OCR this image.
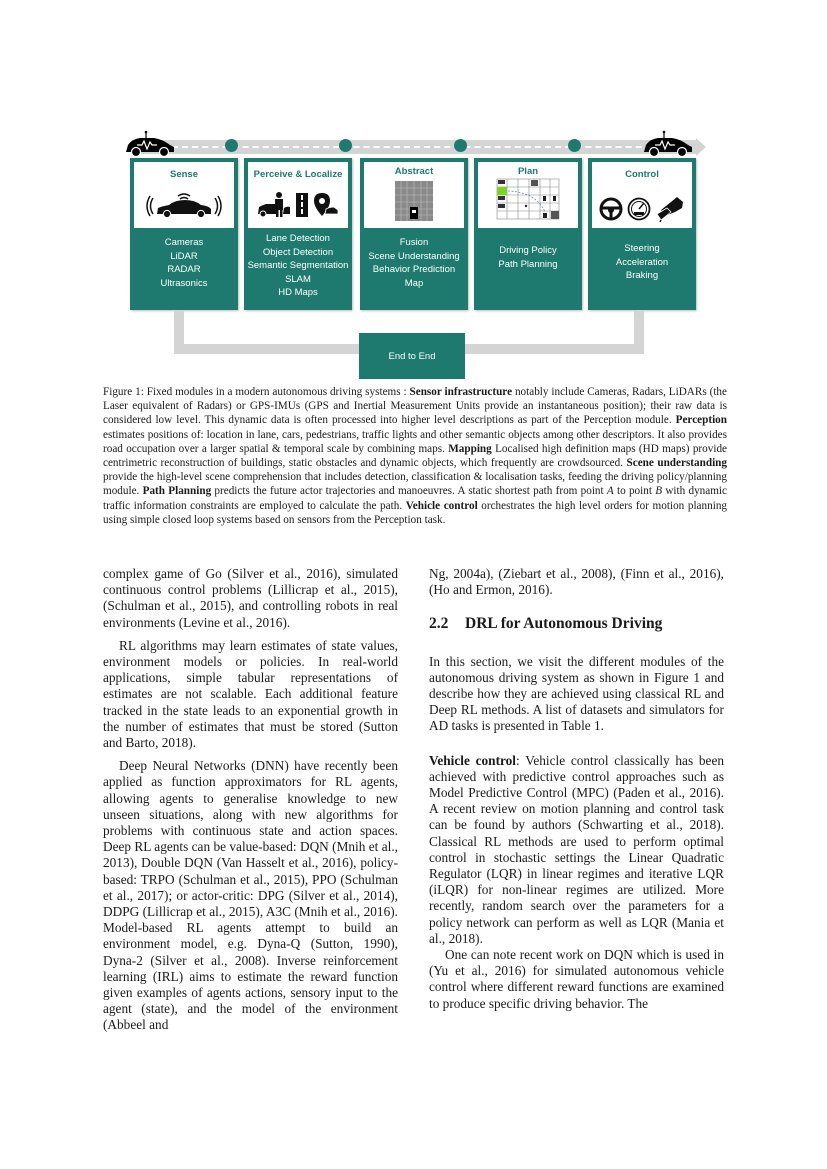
Sense
Cameras
LiDAR
RADAR
Ultrasonics
Perceive & Localize
Lane Detection
Object Detection
Semantic Segmentation
SLAM
HD Maps
Abstract
Fusion
Scene Understanding
Behavior Prediction
Map
Plan
Driving Policy
Path Planning
Control
Steering
Acceleration
Braking
End to End
Figure 1: Fixed modules in a modern autonomous driving systems : Sensor infrastructure notably include Cameras, Radars, LiDARs (the Laser equivalent of Radars) or GPS-IMUs (GPS and Inertial Measurement Units provide an instantaneous position); their raw data is considered low level. This dynamic data is often processed into higher level descriptions as part of the Perception module. Perception estimates positions of: location in lane, cars, pedestrians, traffic lights and other semantic objects among other descriptors. It also provides road occupation over a larger spatial & temporal scale by combining maps. Mapping Localised high definition maps (HD maps) provide centrimetric reconstruction of buildings, static obstacles and dynamic objects, which frequently are crowdsourced. Scene understanding provide the high-level scene comprehension that includes detection, classification & localisation tasks, feeding the driving policy/planning module. Path Planning predicts the future actor trajectories and manoeuvres. A static shortest path from point A to point B with dynamic traffic information constraints are employed to calculate the path. Vehicle control orchestrates the high level orders for motion planning using simple closed loop systems based on sensors from the Perception task.

complex game of Go (Silver et al., 2016), simulated continuous control problems (Lillicrap et al., 2015), (Schulman et al., 2015), and controlling robots in real environments (Levine et al., 2016).

RL algorithms may learn estimates of state values, environment models or policies. In real-world applications, simple tabular representations of estimates are not scalable. Each additional feature tracked in the state leads to an exponential growth in the number of estimates that must be stored (Sutton and Barto, 2018).

Deep Neural Networks (DNN) have recently been applied as function approximators for RL agents, allowing agents to generalise knowledge to new unseen situations, along with new algorithms for problems with continuous state and action spaces. Deep RL agents can be value-based: DQN (Mnih et al., 2013), Double DQN (Van Hasselt et al., 2016), policy-based: TRPO (Schulman et al., 2015), PPO (Schulman et al., 2017); or actor-critic: DPG (Silver et al., 2014), DDPG (Lillicrap et al., 2015), A3C (Mnih et al., 2016). Model-based RL agents attempt to build an environment model, e.g. Dyna-Q (Sutton, 1990), Dyna-2 (Silver et al., 2008). Inverse reinforcement learning (IRL) aims to estimate the reward function given examples of agents actions, sensory input to the agent (state), and the model of the environment (Abbeel and

Ng, 2004a), (Ziebart et al., 2008), (Finn et al., 2016), (Ho and Ermon, 2016).

2.2 DRL for Autonomous Driving

In this section, we visit the different modules of the autonomous driving system as shown in Figure 1 and describe how they are achieved using classical RL and Deep RL methods. A list of datasets and simulators for AD tasks is presented in Table 1.

Vehicle control: Vehicle control classically has been achieved with predictive control approaches such as Model Predictive Control (MPC) (Paden et al., 2016). A recent review on motion planning and control task can be found by authors (Schwarting et al., 2018). Classical RL methods are used to perform optimal control in stochastic settings the Linear Quadratic Regulator (LQR) in linear regimes and iterative LQR (iLQR) for non-linear regimes are utilized. More recently, random search over the parameters for a policy network can perform as well as LQR (Mania et al., 2018).

One can note recent work on DQN which is used in (Yu et al., 2016) for simulated autonomous vehicle control where different reward functions are examined to produce specific driving behavior. The
